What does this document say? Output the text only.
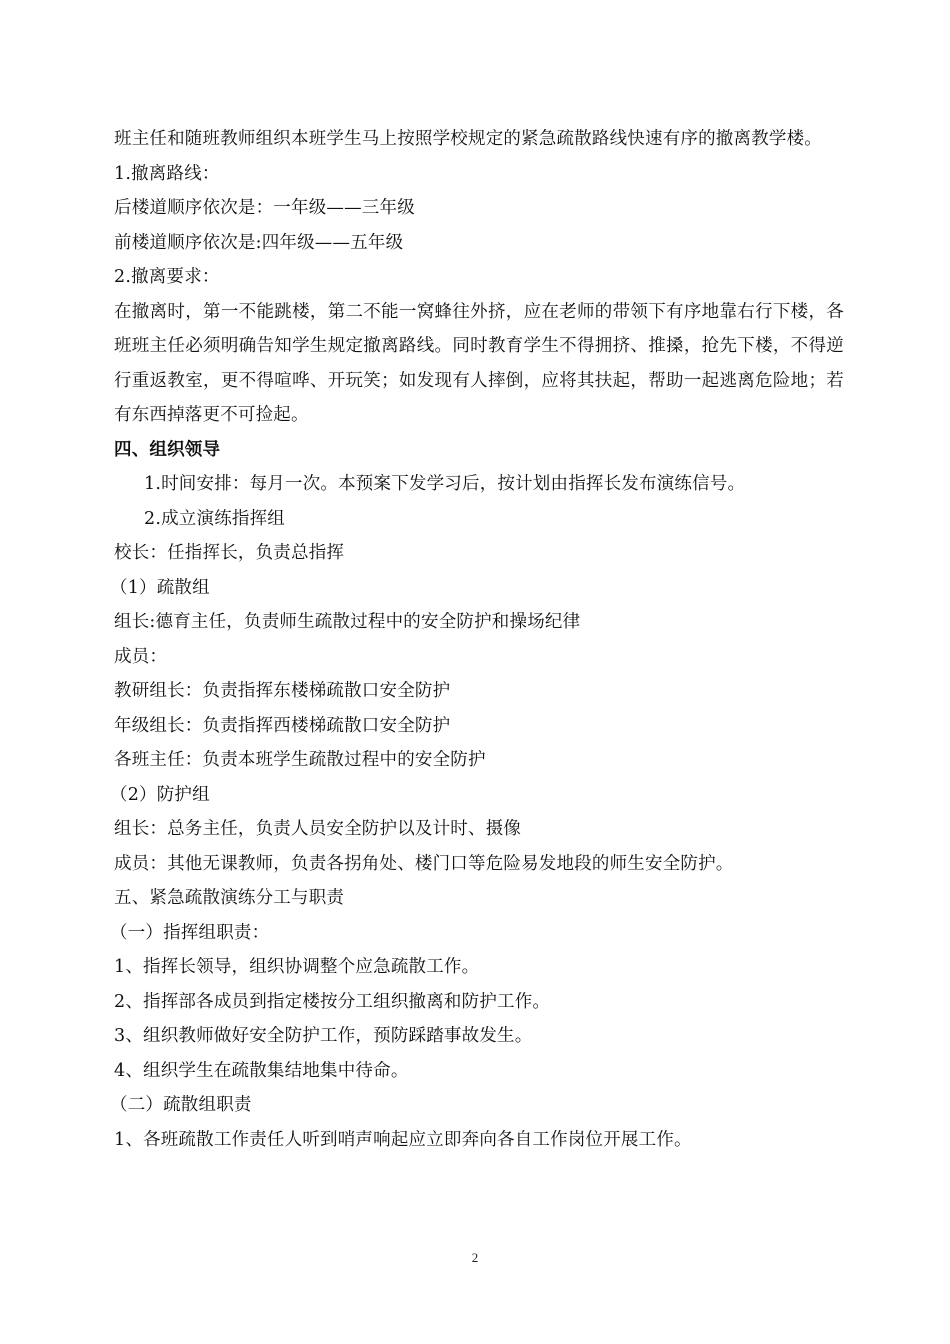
班主任和随班教师组织本班学生马上按照学校规定的紧急疏散路线快速有序的撤离教学楼。
1.撤离路线：
后楼道顺序依次是：一年级——三年级
前楼道顺序依次是:四年级——五年级
2.撤离要求：
在撤离时，第一不能跳楼，第二不能一窝蜂往外挤，应在老师的带领下有序地靠右行下楼，各班班主任必须明确告知学生规定撤离路线。同时教育学生不得拥挤、推搡，抢先下楼，不得逆行重返教室，更不得喧哗、开玩笑；如发现有人摔倒，应将其扶起，帮助一起逃离危险地；若有东西掉落更不可捡起。
四、组织领导
1.时间安排：每月一次。本预案下发学习后，按计划由指挥长发布演练信号。
2.成立演练指挥组
校长：任指挥长，负责总指挥
（1）疏散组
组长:德育主任，负责师生疏散过程中的安全防护和操场纪律
成员：
教研组长：负责指挥东楼梯疏散口安全防护
年级组长：负责指挥西楼梯疏散口安全防护
各班主任：负责本班学生疏散过程中的安全防护
（2）防护组
组长：总务主任，负责人员安全防护以及计时、摄像
成员：其他无课教师，负责各拐角处、楼门口等危险易发地段的师生安全防护。
五、紧急疏散演练分工与职责
（一）指挥组职责：
1、指挥长领导，组织协调整个应急疏散工作。
2、指挥部各成员到指定楼按分工组织撤离和防护工作。
3、组织教师做好安全防护工作，预防踩踏事故发生。
4、组织学生在疏散集结地集中待命。
（二）疏散组职责
1、各班疏散工作责任人听到哨声响起应立即奔向各自工作岗位开展工作。
2
